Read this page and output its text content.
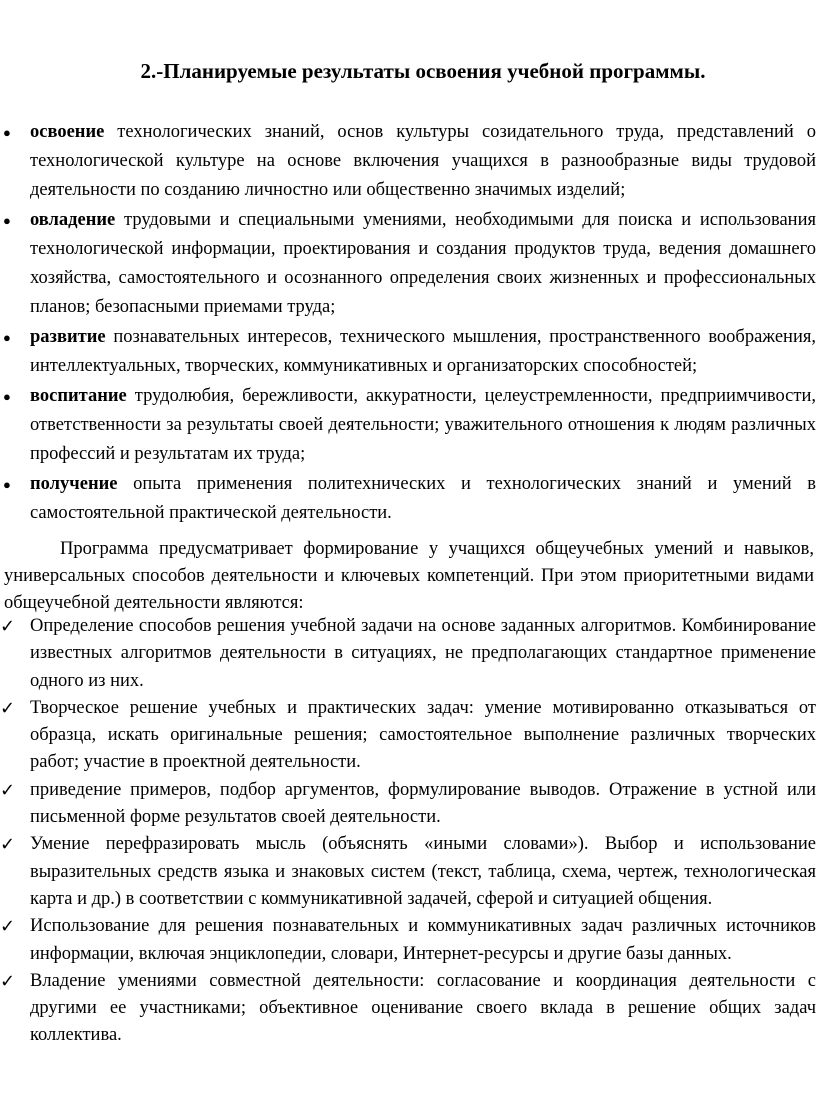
2.-Планируемые результаты освоения учебной программы.
● освоение технологических знаний, основ культуры созидательного труда, представлений о технологической культуре на основе включения учащихся в разнообразные виды трудовой деятельности по созданию личностно или общественно значимых изделий;
● овладение трудовыми и специальными умениями, необходимыми для поиска и использования технологической информации, проектирования и создания продуктов труда, ведения домашнего хозяйства, самостоятельного и осознанного определения своих жизненных и профессиональных планов; безопасными приемами труда;
● развитие познавательных интересов, технического мышления, пространственного воображения, интеллектуальных, творческих, коммуникативных и организаторских способностей;
● воспитание трудолюбия, бережливости, аккуратности, целеустремленности, предприимчивости, ответственности за результаты своей деятельности; уважительного отношения к людям различных профессий и результатам их труда;
● получение опыта применения политехнических и технологических знаний и умений в самостоятельной практической деятельности.

Программа предусматривает формирование у учащихся общеучебных умений и навыков, универсальных способов деятельности и ключевых компетенций. При этом приоритетными видами общеучебной деятельности являются:

✓ Определение способов решения учебной задачи на основе заданных алгоритмов. Комбинирование известных алгоритмов деятельности в ситуациях, не предполагающих стандартное применение одного из них.
✓ Творческое решение учебных и практических задач: умение мотивированно отказываться от образца, искать оригинальные решения; самостоятельное выполнение различных творческих работ; участие в проектной деятельности.
✓ приведение примеров, подбор аргументов, формулирование выводов. Отражение в устной или письменной форме результатов своей деятельности.
✓ Умение перефразировать мысль (объяснять «иными словами»). Выбор и использование выразительных средств языка и знаковых систем (текст, таблица, схема, чертеж, технологическая карта и др.) в соответствии с коммуникативной задачей, сферой и ситуацией общения.
✓ Использование для решения познавательных и коммуникативных задач различных источников информации, включая энциклопедии, словари, Интернет-ресурсы и другие базы данных.
✓ Владение умениями совместной деятельности: согласование и координация деятельности с другими ее участниками; объективное оценивание своего вклада в решение общих задач коллектива.
